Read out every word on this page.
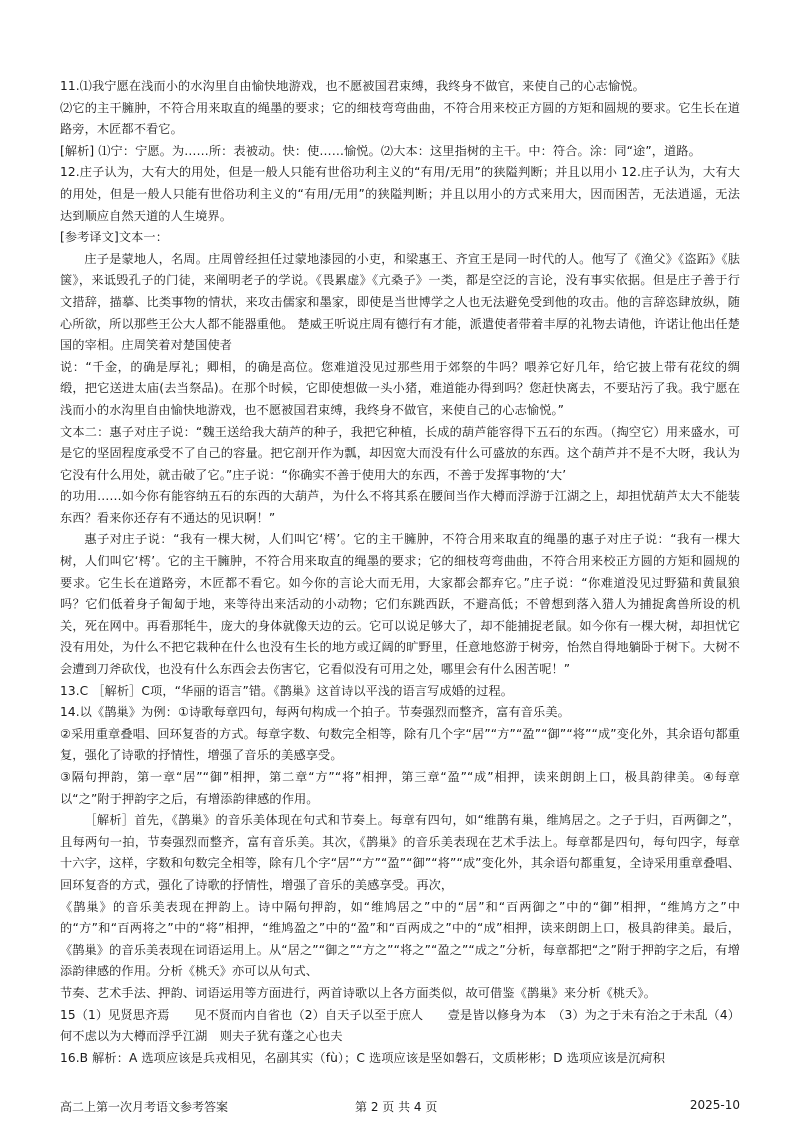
11.⑴我宁愿在浅而小的水沟里自由愉快地游戏，也不愿被国君束缚，我终身不做官，来使自己的心志愉悦。

⑵它的主干臃肿，不符合用来取直的绳墨的要求；它的细枝弯弯曲曲，不符合用来校正方圆的方矩和圆规的要求。它生长在道路旁，木匠都不看它。

[解析] ⑴宁：宁愿。为……所：表被动。快：使……愉悦。⑵大本：这里指树的主干。中：符合。涂：同“途”，道路。

12.庄子认为，大有大的用处，但是一般人只能有世俗功利主义的“有用/无用”的狭隘判断；并且以用小 12.庄子认为，大有大的用处，但是一般人只能有世俗功利主义的“有用/无用”的狭隘判断；并且以用小的方式来用大，因而困苦，无法逍遥，无法达到顺应自然天道的人生境界。

[参考译文]文本一：

庄子是蒙地人，名周。庄周曾经担任过蒙地漆园的小吏，和梁惠王、齐宣王是同一时代的人。他写了《渔父》《盗跖》《胠箧》，来诋毁孔子的门徒，来阐明老子的学说。《畏累虚》《亢桑子》一类，都是空泛的言论，没有事实依据。但是庄子善于行文措辞，描摹、比类事物的情状，来攻击儒家和墨家，即使是当世博学之人也无法避免受到他的攻击。他的言辞恣肆放纵，随心所欲，所以那些王公大人都不能器重他。 楚威王听说庄周有德行有才能，派遣使者带着丰厚的礼物去请他，许诺让他出任楚国的宰相。庄周笑着对楚国使者

说：“千金，的确是厚礼；卿相，的确是高位。您难道没见过那些用于郊祭的牛吗？喂养它好几年，给它披上带有花纹的绸缎，把它送进太庙(去当祭品)。在那个时候，它即使想做一头小猪，难道能办得到吗？您赶快离去，不要玷污了我。我宁愿在浅而小的水沟里自由愉快地游戏，也不愿被国君束缚，我终身不做官，来使自己的心志愉悦。”

文本二：惠子对庄子说：“魏王送给我大葫芦的种子，我把它种植，长成的葫芦能容得下五石的东西。（掏空它）用来盛水，可是它的坚固程度承受不了自己的容量。把它剖开作为瓢，却因宽大而没有什么可盛放的东西。这个葫芦并不是不大呀，我认为它没有什么用处，就击破了它。”庄子说：“你确实不善于使用大的东西，不善于发挥事物的‘大’

的功用……如今你有能容纳五石的东西的大葫芦，为什么不将其系在腰间当作大樽而浮游于江湖之上，却担忧葫芦太大不能装东西？看来你还存有不通达的见识啊！”

惠子对庄子说：“我有一棵大树，人们叫它‘樗’。它的主干臃肿，不符合用来取直的绳墨的惠子对庄子说：“我有一棵大树，人们叫它‘樗’。它的主干臃肿，不符合用来取直的绳墨的要求；它的细枝弯弯曲曲，不符合用来校正方圆的方矩和圆规的要求。它生长在道路旁，木匠都不看它。如今你的言论大而无用，大家都会都弃它。”庄子说：“你难道没见过野猫和黄鼠狼吗？它们低着身子匍匐于地，来等待出来活动的小动物；它们东跳西跃，不避高低；不曾想到落入猎人为捕捉禽兽所设的机关，死在网中。再看那牦牛，庞大的身体就像天边的云。它可以说足够大了，却不能捕捉老鼠。如今你有一棵大树，却担忧它没有用处，为什么不把它栽种在什么也没有生长的地方或辽阔的旷野里，任意地悠游于树旁，怡然自得地躺卧于树下。大树不会遭到刀斧砍伐，也没有什么东西会去伤害它，它看似没有可用之处，哪里会有什么困苦呢！”

13.C ［解析］C项，“华丽的语言”错。《鹊巢》这首诗以平浅的语言写成婚的过程。

14.以《鹊巢》为例：①诗歌每章四句，每两句构成一个拍子。节奏强烈而整齐，富有音乐美。

②采用重章叠唱、回环复沓的方式。每章字数、句数完全相等，除有几个字“居”“方”“盈”“御”“将”“成”变化外，其余语句都重复，强化了诗歌的抒情性，增强了音乐的美感享受。

③隔句押韵，第一章“居”“御”相押，第二章“方”“将”相押，第三章“盈”“成”相押，读来朗朗上口，极具韵律美。④每章以“之”附于押韵字之后，有增添韵律感的作用。

［解析］首先，《鹊巢》的音乐美体现在句式和节奏上。每章有四句，如“维鹊有巢，维鸠居之。之子于归，百两御之”，且每两句一拍，节奏强烈而整齐，富有音乐美。其次，《鹊巢》的音乐美表现在艺术手法上。每章都是四句，每句四字，每章十六字，这样，字数和句数完全相等，除有几个字“居”“方”“盈”“御”“将”“成”变化外，其余语句都重复，全诗采用重章叠唱、回环复沓的方式，强化了诗歌的抒情性，增强了音乐的美感享受。再次，

《鹊巢》的音乐美表现在押韵上。诗中隔句押韵，如“维鸠居之”中的“居”和“百两御之”中的“御”相押，“维鸠方之”中的“方”和“百两将之”中的“将”相押，“维鸠盈之”中的“盈”和“百两成之”中的“成”相押，读来朗朗上口，极具韵律美。最后，《鹊巢》的音乐美表现在词语运用上。从“居之”“御之”“方之”“将之”“盈之”“成之”分析，每章都把“之”附于押韵字之后，有增添韵律感的作用。分析《桃夭》亦可以从句式、

节奏、艺术手法、押韵、词语运用等方面进行，两首诗歌以上各方面类似，故可借鉴《鹊巢》来分析《桃夭》。

15（1）见贤思齐焉　　见不贤而内自省也（2）自天子以至于庶人　　壹是皆以修身为本　（3）为之于未有治之于未乱（4）何不虑以为大樽而浮乎江湖　则夫子犹有蓬之心也夫

16.B 解析：A 选项应该是兵戎相见，名副其实（fù）；C 选项应该是坚如磐石，文质彬彬；D 选项应该是沉疴积

高二上第一次月考语文参考答案	第 2 页 共 4 页	2025-10
